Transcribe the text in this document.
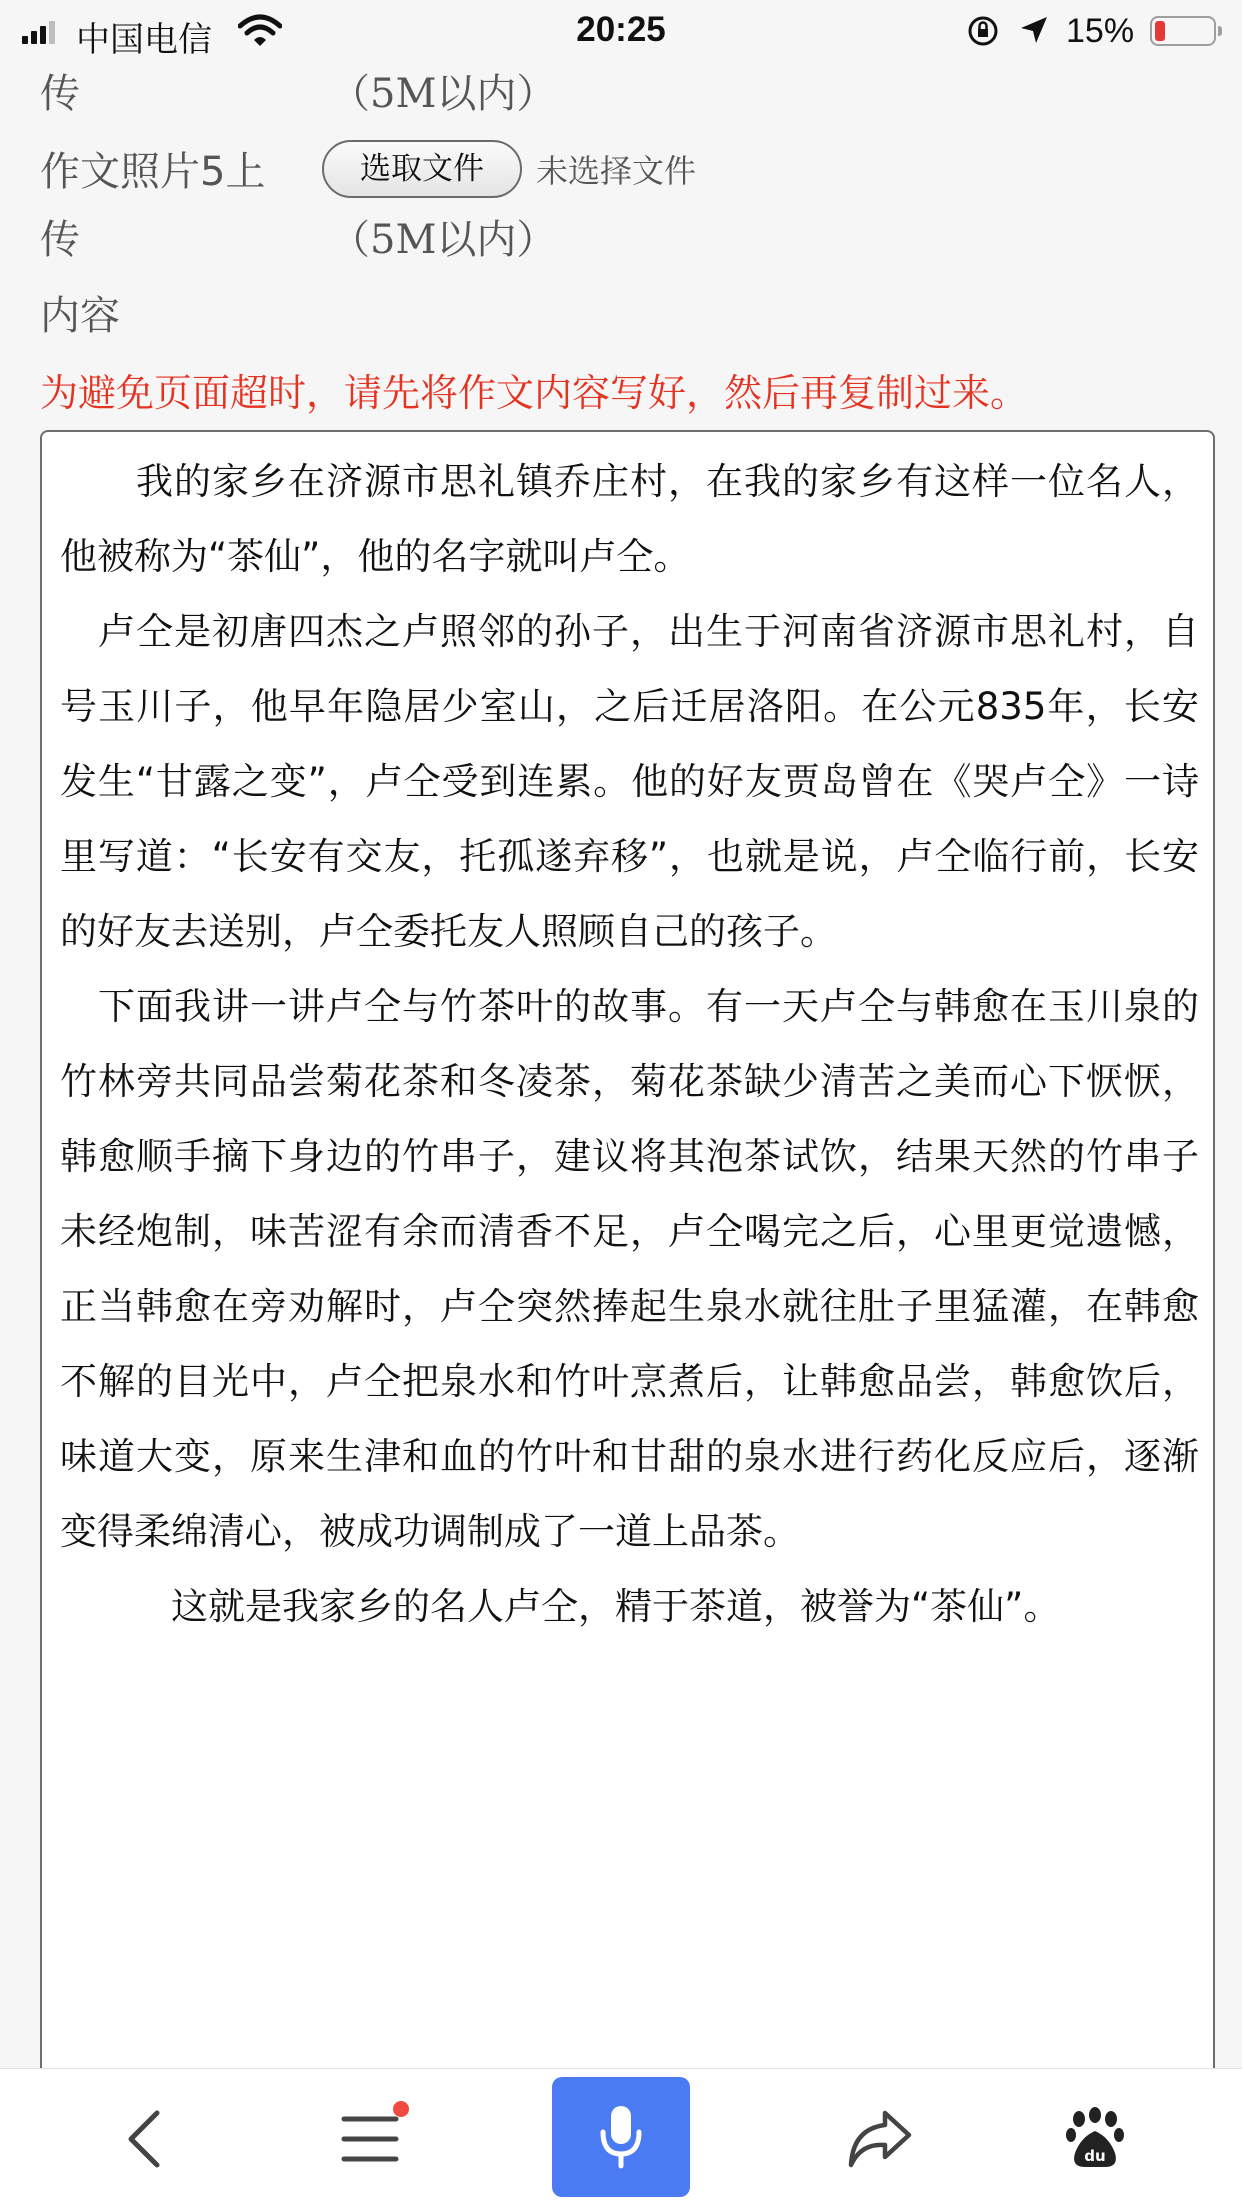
中国电信	20:25	15%
传	（5M以内）
作文照片5上	选取文件	未选择文件
传	（5M以内）
内容
为避免页面超时，请先将作文内容写好，然后再复制过来。

　　我的家乡在济源市思礼镇乔庄村，在我的家乡有这样一位名人，他被称为“茶仙”，他的名字就叫卢仝。

　卢仝是初唐四杰之卢照邻的孙子，出生于河南省济源市思礼村，自号玉川子，他早年隐居少室山，之后迁居洛阳。在公元835年，长安发生“甘露之变”，卢仝受到连累。他的好友贾岛曾在《哭卢仝》一诗里写道：“长安有交友，托孤遂弃移”，也就是说，卢仝临行前，长安的好友去送别，卢仝委托友人照顾自己的孩子。

　下面我讲一讲卢仝与竹茶叶的故事。有一天卢仝与韩愈在玉川泉的竹林旁共同品尝菊花茶和冬凌茶，菊花茶缺少清苦之美而心下恹恹，韩愈顺手摘下身边的竹串子，建议将其泡茶试饮，结果天然的竹串子未经炮制，味苦涩有余而清香不足，卢仝喝完之后，心里更觉遗憾，正当韩愈在旁劝解时，卢仝突然捧起生泉水就往肚子里猛灌，在韩愈不解的目光中，卢仝把泉水和竹叶烹煮后，让韩愈品尝，韩愈饮后，味道大变，原来生津和血的竹叶和甘甜的泉水进行药化反应后，逐渐变得柔绵清心，被成功调制成了一道上品茶。

　　　这就是我家乡的名人卢仝，精于茶道，被誉为“茶仙”。

du
